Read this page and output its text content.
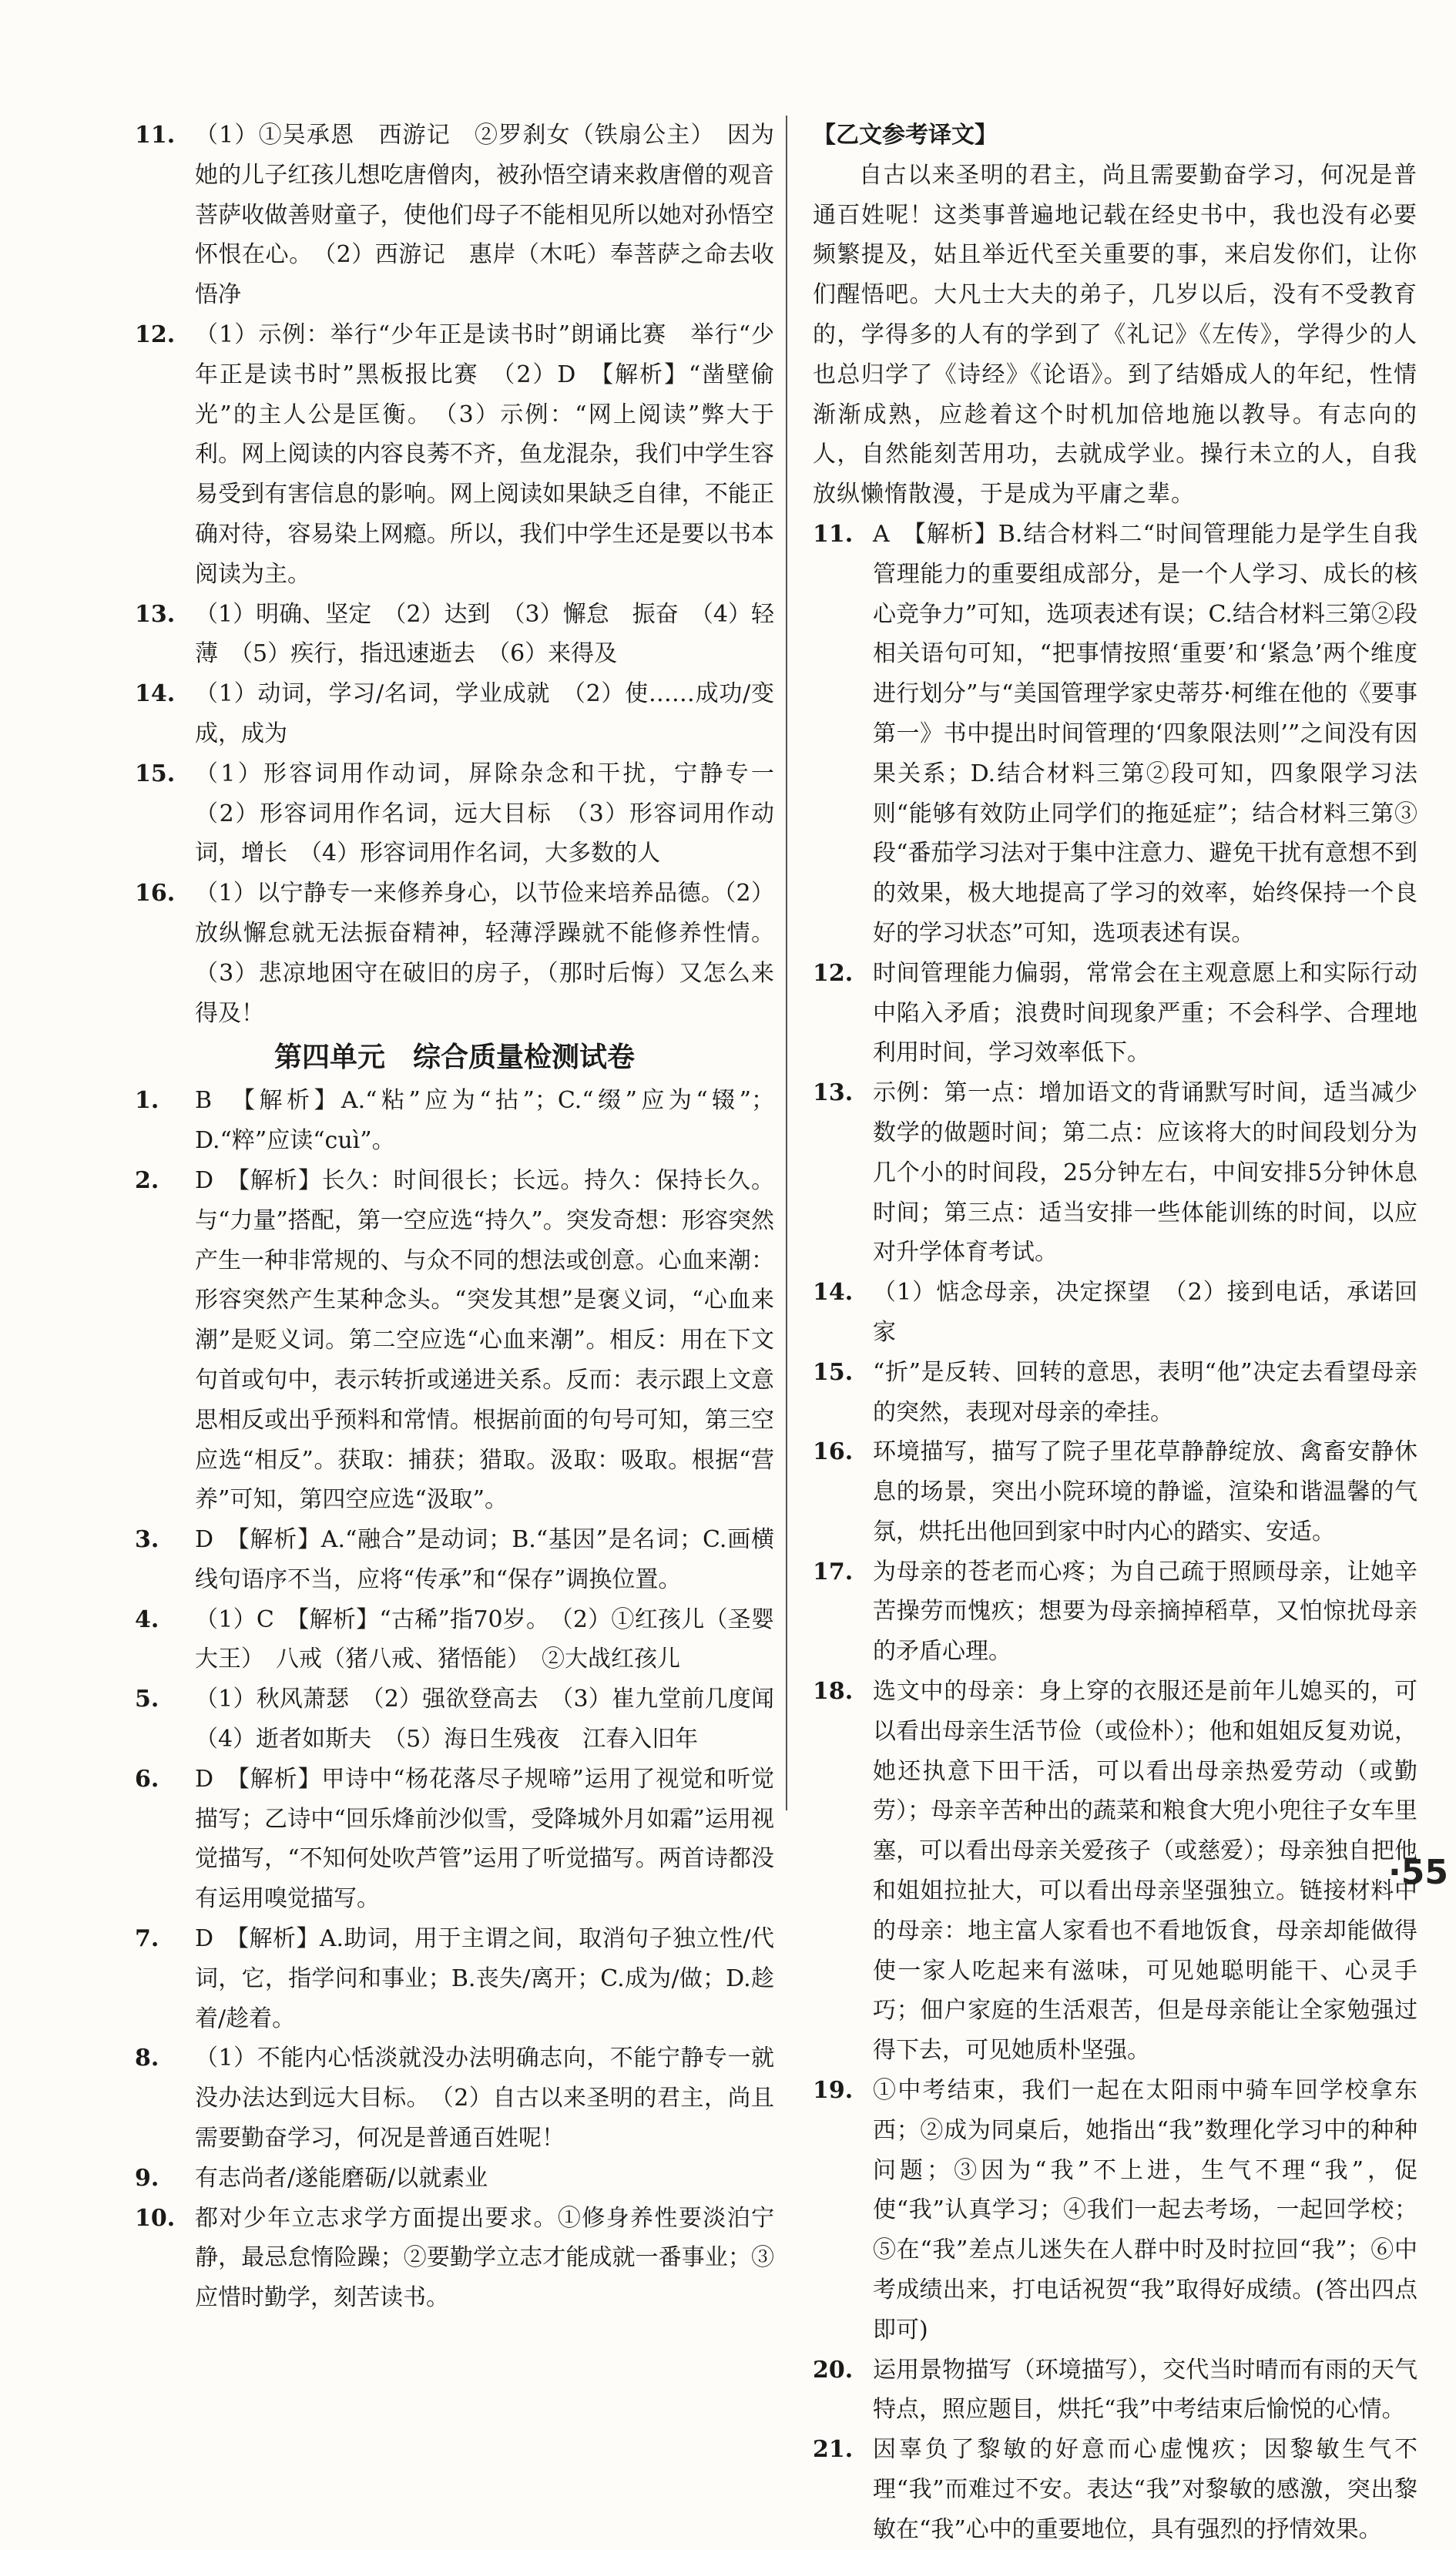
11. （1）①吴承恩　西游记　②罗刹女（铁扇公主）　因为她的儿子红孩儿想吃唐僧肉，被孙悟空请来救唐僧的观音菩萨收做善财童子，使他们母子不能相见所以她对孙悟空怀恨在心。　（2）西游记　惠岸（木吒）奉菩萨之命去收悟净
12. （1）示例：举行“少年正是读书时”朗诵比赛　举行“少年正是读书时”黑板报比赛　（2）D　【解析】“凿壁偷光”的主人公是匡衡。　（3）示例：“网上阅读”弊大于利。网上阅读的内容良莠不齐，鱼龙混杂，我们中学生容易受到有害信息的影响。网上阅读如果缺乏自律，不能正确对待，容易染上网瘾。所以，我们中学生还是要以书本阅读为主。
13. （1）明确、坚定　（2）达到　（3）懈怠　振奋　（4）轻薄　（5）疾行，指迅速逝去　（6）来得及
14. （1）动词，学习/名词，学业成就　（2）使……成功/变成，成为
15. （1）形容词用作动词，屏除杂念和干扰，宁静专一　（2）形容词用作名词，远大目标　（3）形容词用作动词，增长　（4）形容词用作名词，大多数的人
16. （1）以宁静专一来修养身心，以节俭来培养品德。（2）放纵懈怠就无法振奋精神，轻薄浮躁就不能修养性情。（3）悲凉地困守在破旧的房子，（那时后悔）又怎么来得及！
第四单元　综合质量检测试卷
1. B　【解析】A.“粘”应为“拈”；C.“缀”应为“辍”；D.“粹”应读“cuì”。
2. D　【解析】长久：时间很长；长远。持久：保持长久。与“力量”搭配，第一空应选“持久”。突发奇想：形容突然产生一种非常规的、与众不同的想法或创意。心血来潮：形容突然产生某种念头。“突发其想”是褒义词，“心血来潮”是贬义词。第二空应选“心血来潮”。相反：用在下文句首或句中，表示转折或递进关系。反而：表示跟上文意思相反或出乎预料和常情。根据前面的句号可知，第三空应选“相反”。获取：捕获；猎取。汲取：吸取。根据“营养”可知，第四空应选“汲取”。
3. D　【解析】A.“融合”是动词；B.“基因”是名词；C.画横线句语序不当，应将“传承”和“保存”调换位置。
4. （1）C　【解析】“古稀”指70岁。　（2）①红孩儿（圣婴大王）　八戒（猪八戒、猪悟能）　②大战红孩儿
5. （1）秋风萧瑟　（2）强欲登高去　（3）崔九堂前几度闻　（4）逝者如斯夫　（5）海日生残夜　江春入旧年
6. D　【解析】甲诗中“杨花落尽子规啼”运用了视觉和听觉描写；乙诗中“回乐烽前沙似雪，受降城外月如霜”运用视觉描写，“不知何处吹芦管”运用了听觉描写。两首诗都没有运用嗅觉描写。
7. D　【解析】A.助词，用于主谓之间，取消句子独立性/代词，它，指学问和事业；B.丧失/离开；C.成为/做；D.趁着/趁着。
8. （1）不能内心恬淡就没办法明确志向，不能宁静专一就没办法达到远大目标。　（2）自古以来圣明的君主，尚且需要勤奋学习，何况是普通百姓呢！
9. 有志尚者/遂能磨砺/以就素业
10. 都对少年立志求学方面提出要求。①修身养性要淡泊宁静，最忌怠惰险躁；②要勤学立志才能成就一番事业；③应惜时勤学，刻苦读书。
【乙文参考译文】
自古以来圣明的君主，尚且需要勤奋学习，何况是普通百姓呢！这类事普遍地记载在经史书中，我也没有必要频繁提及，姑且举近代至关重要的事，来启发你们，让你们醒悟吧。大凡士大夫的弟子，几岁以后，没有不受教育的，学得多的人有的学到了《礼记》《左传》，学得少的人也总归学了《诗经》《论语》。到了结婚成人的年纪，性情渐渐成熟，应趁着这个时机加倍地施以教导。有志向的人，自然能刻苦用功，去就成学业。操行未立的人，自我放纵懒惰散漫，于是成为平庸之辈。
11. A　【解析】B.结合材料二“时间管理能力是学生自我管理能力的重要组成部分，是一个人学习、成长的核心竞争力”可知，选项表述有误；C.结合材料三第②段相关语句可知，“把事情按照‘重要’和‘紧急’两个维度进行划分”与“美国管理学家史蒂芬·柯维在他的《要事第一》书中提出时间管理的‘四象限法则’”之间没有因果关系；D.结合材料三第②段可知，四象限学习法则“能够有效防止同学们的拖延症”；结合材料三第③段“番茄学习法对于集中注意力、避免干扰有意想不到的效果，极大地提高了学习的效率，始终保持一个良好的学习状态”可知，选项表述有误。
12. 时间管理能力偏弱，常常会在主观意愿上和实际行动中陷入矛盾；浪费时间现象严重；不会科学、合理地利用时间，学习效率低下。
13. 示例：第一点：增加语文的背诵默写时间，适当减少数学的做题时间；第二点：应该将大的时间段划分为几个小的时间段，25分钟左右，中间安排5分钟休息时间；第三点：适当安排一些体能训练的时间，以应对升学体育考试。
14. （1）惦念母亲，决定探望　（2）接到电话，承诺回家
15. “折”是反转、回转的意思，表明“他”决定去看望母亲的突然，表现对母亲的牵挂。
16. 环境描写，描写了院子里花草静静绽放、禽畜安静休息的场景，突出小院环境的静谧，渲染和谐温馨的气氛，烘托出他回到家中时内心的踏实、安适。
17. 为母亲的苍老而心疼；为自己疏于照顾母亲，让她辛苦操劳而愧疚；想要为母亲摘掉稻草，又怕惊扰母亲的矛盾心理。
18. 选文中的母亲：身上穿的衣服还是前年儿媳买的，可以看出母亲生活节俭（或俭朴）；他和姐姐反复劝说，她还执意下田干活，可以看出母亲热爱劳动（或勤劳）；母亲辛苦种出的蔬菜和粮食大兜小兜往子女车里塞，可以看出母亲关爱孩子（或慈爱）；母亲独自把他和姐姐拉扯大，可以看出母亲坚强独立。链接材料中的母亲：地主富人家看也不看地饭食，母亲却能做得使一家人吃起来有滋味，可见她聪明能干、心灵手巧；佃户家庭的生活艰苦，但是母亲能让全家勉强过得下去，可见她质朴坚强。
19. ①中考结束，我们一起在太阳雨中骑车回学校拿东西；②成为同桌后，她指出“我”数理化学习中的种种问题；③因为“我”不上进，生气不理“我”，促使“我”认真学习；④我们一起去考场，一起回学校；⑤在“我”差点儿迷失在人群中时及时拉回“我”；⑥中考成绩出来，打电话祝贺“我”取得好成绩。(答出四点即可)
20. 运用景物描写（环境描写），交代当时晴而有雨的天气特点，照应题目，烘托“我”中考结束后愉悦的心情。
21. 因辜负了黎敏的好意而心虚愧疚；因黎敏生气不理“我”而难过不安。表达“我”对黎敏的感激，突出黎敏在“我”心中的重要地位，具有强烈的抒情效果。
·55
